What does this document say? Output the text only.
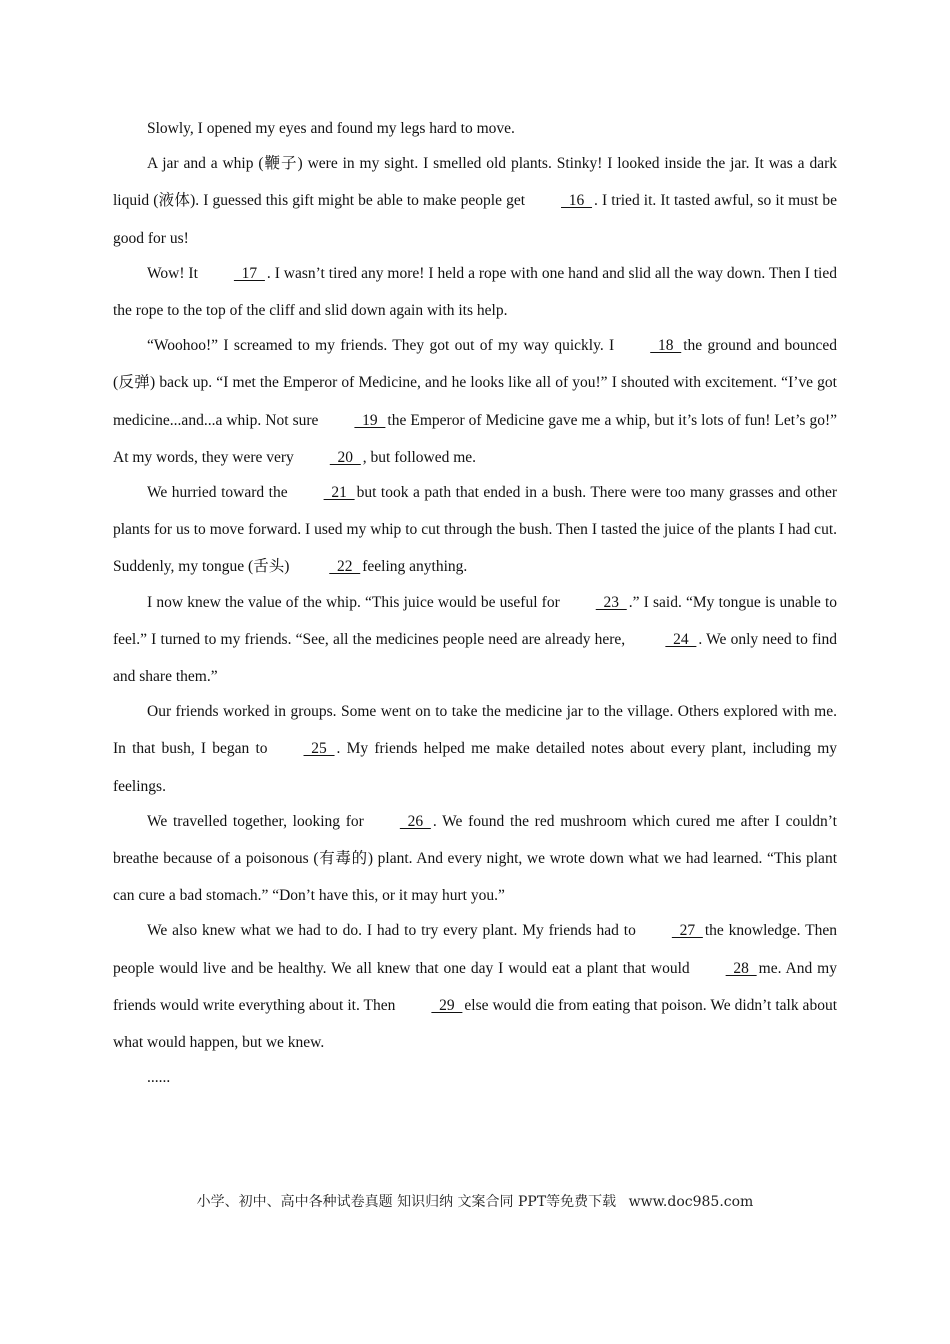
Slowly, I opened my eyes and found my legs hard to move.

A jar and a whip (鞭子) were in my sight. I smelled old plants. Stinky! I looked inside the jar. It was a dark liquid (液体). I guessed this gift might be able to make people get  16  . I tried it. It tasted awful, so it must be good for us!

Wow! It  17  . I wasn’t tired any more! I held a rope with one hand and slid all the way down. Then I tied the rope to the top of the cliff and slid down again with its help.

“Woohoo!” I screamed to my friends. They got out of my way quickly. I  18  the ground and bounced (反弹) back up. “I met the Emperor of Medicine, and he looks like all of you!” I shouted with excitement. “I’ve got medicine...and...a whip. Not sure  19  the Emperor of Medicine gave me a whip, but it’s lots of fun! Let’s go!” At my words, they were very  20  , but followed me.

We hurried toward the  21  but took a path that ended in a bush. There were too many grasses and other plants for us to move forward. I used my whip to cut through the bush. Then I tasted the juice of the plants I had cut. Suddenly, my tongue (舌头)   22  feeling anything.

I now knew the value of the whip. “This juice would be useful for  23  .” I said. “My tongue is unable to feel.” I turned to my friends. “See, all the medicines people need are already here,   24  . We only need to find and share them.”

Our friends worked in groups. Some went on to take the medicine jar to the village. Others explored with me. In that bush, I began to  25  . My friends helped me make detailed notes about every plant, including my feelings.

We travelled together, looking for  26  . We found the red mushroom which cured me after I couldn’t breathe because of a poisonous (有毒的) plant. And every night, we wrote down what we had learned. “This plant can cure a bad stomach.” “Don’t have this, or it may hurt you.”

We also knew what we had to do. I had to try every plant. My friends had to  27  the knowledge. Then people would live and be healthy. We all knew that one day I would eat a plant that would  28  me. And my friends would write everything about it. Then  29  else would die from eating that poison. We didn’t talk about what would happen, but we knew.

......

小学、初中、高中各种试卷真题 知识归纳 文案合同 PPT等免费下载 www.doc985.com
